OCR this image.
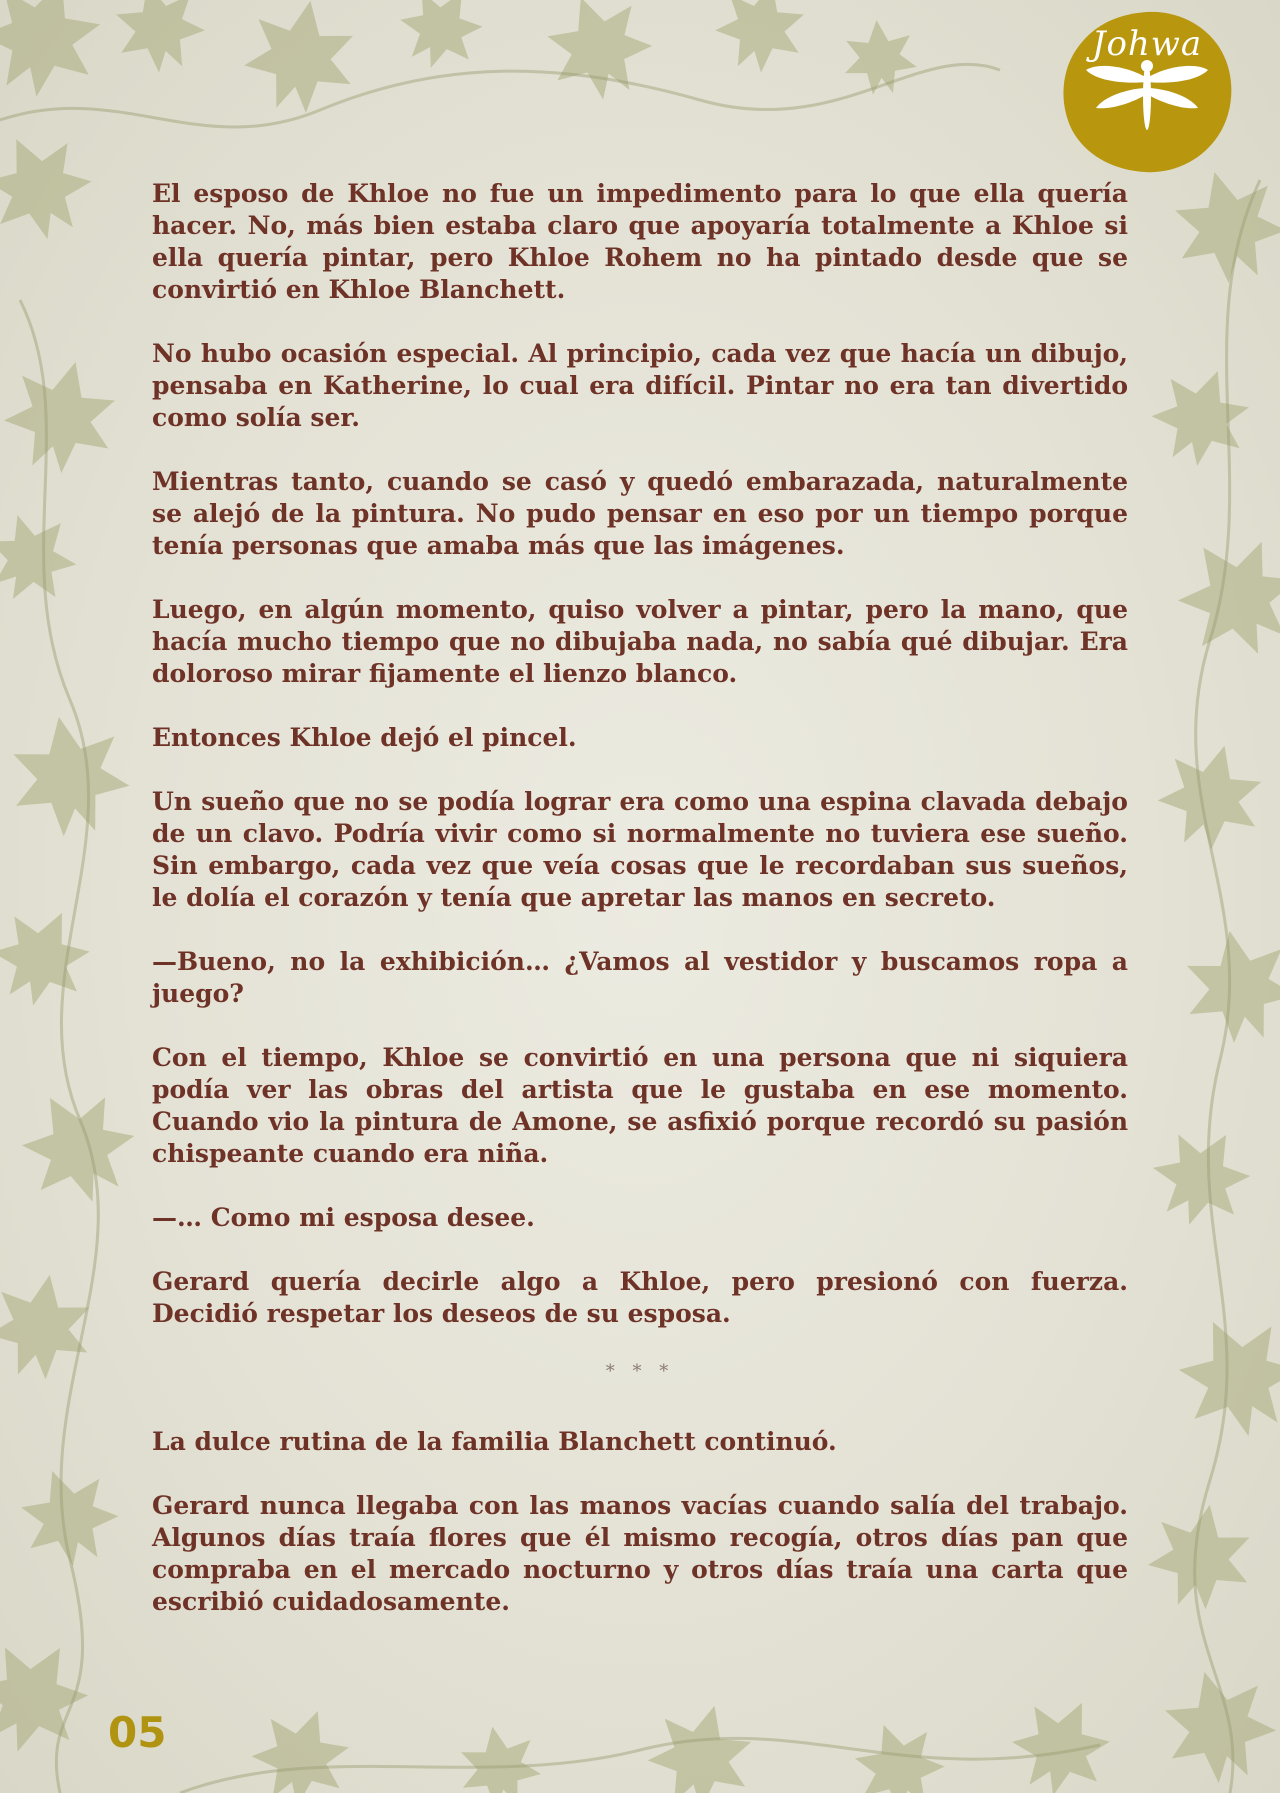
Johwa

El esposo de Khloe no fue un impedimento para lo que ella quería hacer. No, más bien estaba claro que apoyaría totalmente a Khloe si ella quería pintar, pero Khloe Rohem no ha pintado desde que se convirtió en Khloe Blanchett.

No hubo ocasión especial. Al principio, cada vez que hacía un dibujo, pensaba en Katherine, lo cual era difícil. Pintar no era tan divertido como solía ser.

Mientras tanto, cuando se casó y quedó embarazada, naturalmente se alejó de la pintura. No pudo pensar en eso por un tiempo porque tenía personas que amaba más que las imágenes.

Luego, en algún momento, quiso volver a pintar, pero la mano, que hacía mucho tiempo que no dibujaba nada, no sabía qué dibujar. Era doloroso mirar fijamente el lienzo blanco.

Entonces Khloe dejó el pincel.

Un sueño que no se podía lograr era como una espina clavada debajo de un clavo. Podría vivir como si normalmente no tuviera ese sueño. Sin embargo, cada vez que veía cosas que le recordaban sus sueños, le dolía el corazón y tenía que apretar las manos en secreto.

—Bueno, no la exhibición… ¿Vamos al vestidor y buscamos ropa a juego?

Con el tiempo, Khloe se convirtió en una persona que ni siquiera podía ver las obras del artista que le gustaba en ese momento. Cuando vio la pintura de Amone, se asfixió porque recordó su pasión chispeante cuando era niña.

—… Como mi esposa desee.

Gerard quería decirle algo a Khloe, pero presionó con fuerza. Decidió respetar los deseos de su esposa.

* * *

La dulce rutina de la familia Blanchett continuó.

Gerard nunca llegaba con las manos vacías cuando salía del trabajo. Algunos días traía flores que él mismo recogía, otros días pan que compraba en el mercado nocturno y otros días traía una carta que escribió cuidadosamente.

05
